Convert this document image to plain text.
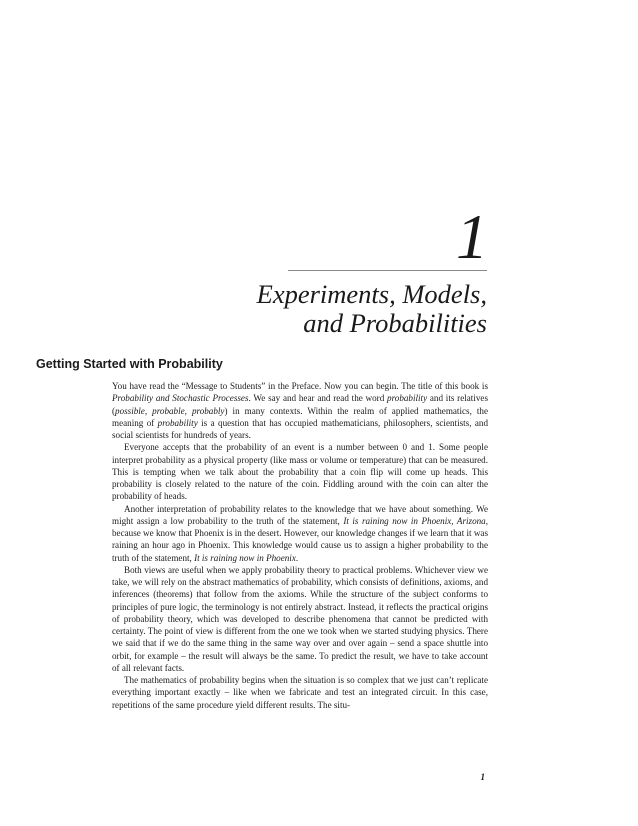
1
Experiments, Models,
and Probabilities
Getting Started with Probability

You have read the “Message to Students” in the Preface. Now you can begin. The title of this book is Probability and Stochastic Processes. We say and hear and read the word probability and its relatives (possible, probable, probably) in many contexts. Within the realm of applied mathematics, the meaning of probability is a question that has occupied mathematicians, philosophers, scientists, and social scientists for hundreds of years.

Everyone accepts that the probability of an event is a number between 0 and 1. Some people interpret probability as a physical property (like mass or volume or temperature) that can be measured. This is tempting when we talk about the probability that a coin flip will come up heads. This probability is closely related to the nature of the coin. Fiddling around with the coin can alter the probability of heads.

Another interpretation of probability relates to the knowledge that we have about something. We might assign a low probability to the truth of the statement, It is raining now in Phoenix, Arizona, because we know that Phoenix is in the desert. However, our knowledge changes if we learn that it was raining an hour ago in Phoenix. This knowledge would cause us to assign a higher probability to the truth of the statement, It is raining now in Phoenix.

Both views are useful when we apply probability theory to practical problems. Whichever view we take, we will rely on the abstract mathematics of probability, which consists of definitions, axioms, and inferences (theorems) that follow from the axioms. While the structure of the subject conforms to principles of pure logic, the terminology is not entirely abstract. Instead, it reflects the practical origins of probability theory, which was developed to describe phenomena that cannot be predicted with certainty. The point of view is different from the one we took when we started studying physics. There we said that if we do the same thing in the same way over and over again – send a space shuttle into orbit, for example – the result will always be the same. To predict the result, we have to take account of all relevant facts.

The mathematics of probability begins when the situation is so complex that we just can’t replicate everything important exactly – like when we fabricate and test an integrated circuit. In this case, repetitions of the same procedure yield different results. The situ-

1
